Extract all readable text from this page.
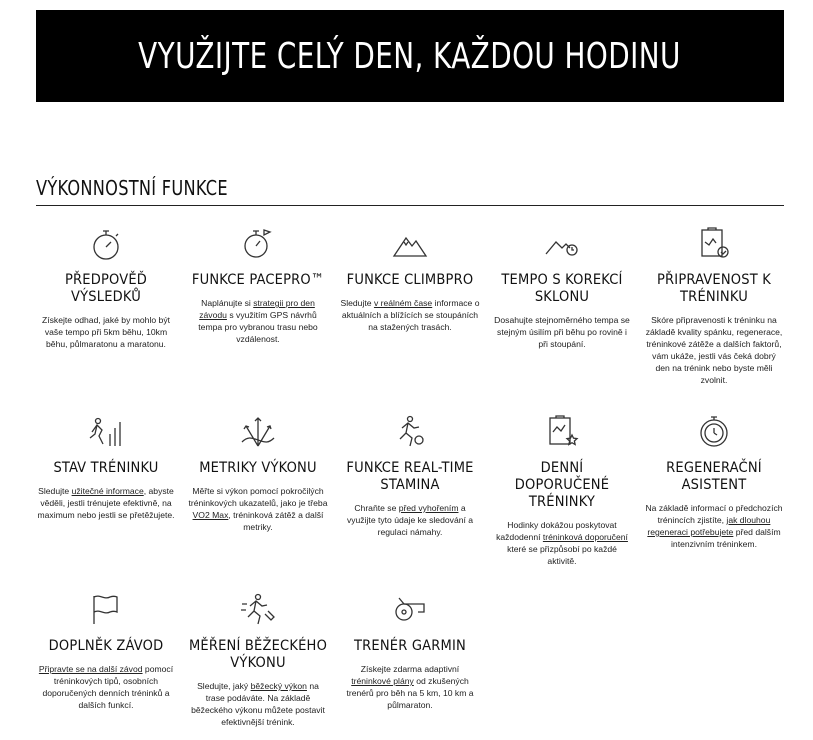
VYUŽIJTE CELÝ DEN, KAŽDOU HODINU
VÝKONNOSTNÍ FUNKCE
PŘEDPOVĚĎ VÝSLEDKŮ
Získejte odhad, jaké by mohlo být vaše tempo při 5km běhu, 10km běhu, půlmaratonu a maratonu.
FUNKCE PACEPRO™
Naplánujte si strategii pro den závodu s využitím GPS návrhů tempa pro vybranou trasu nebo vzdálenost.
FUNKCE CLIMBPRO
Sledujte v reálném čase informace o aktuálních a blížících se stoupáních na stažených trasách.
TEMPO S KOREKCÍ SKLONU
Dosahujte stejnoměrného tempa se stejným úsilím při běhu po rovině i při stoupání.
PŘIPRAVENOST K TRÉNINKU
Skóre připravenosti k tréninku na základě kvality spánku, regenerace, tréninkové zátěže a dalších faktorů, vám ukáže, jestli vás čeká dobrý den na trénink nebo byste měli zvolnit.
STAV TRÉNINKU
Sledujte užitečné informace, abyste věděli, jestli trénujete efektivně, na maximum nebo jestli se přetěžujete.
METRIKY VÝKONU
Měřte si výkon pomocí pokročilých tréninkových ukazatelů, jako je třeba VO2 Max, tréninková zátěž a další metriky.
FUNKCE REAL-TIME STAMINA
Chraňte se před vyhořením a využijte tyto údaje ke sledování a regulaci námahy.
DENNÍ DOPORUČENÉ TRÉNINKY
Hodinky dokážou poskytovat každodenní tréninková doporučení které se přizpůsobí po každé aktivitě.
REGENERAČNÍ ASISTENT
Na základě informací o předchozích trénincích zjistíte, jak dlouhou regeneraci potřebujete před dalším intenzivním tréninkem.
DOPLNĚK ZÁVOD
Připravte se na další závod pomocí tréninkových tipů, osobních doporučených denních tréninků a dalších funkcí.
MĚŘENÍ BĚŽECKÉHO VÝKONU
Sledujte, jaký běžecký výkon na trase podáváte. Na základě běžeckého výkonu můžete postavit efektivnější trénink.
TRENÉR GARMIN
Získejte zdarma adaptivní tréninkové plány od zkušených trenérů pro běh na 5 km, 10 km a půlmaraton.
